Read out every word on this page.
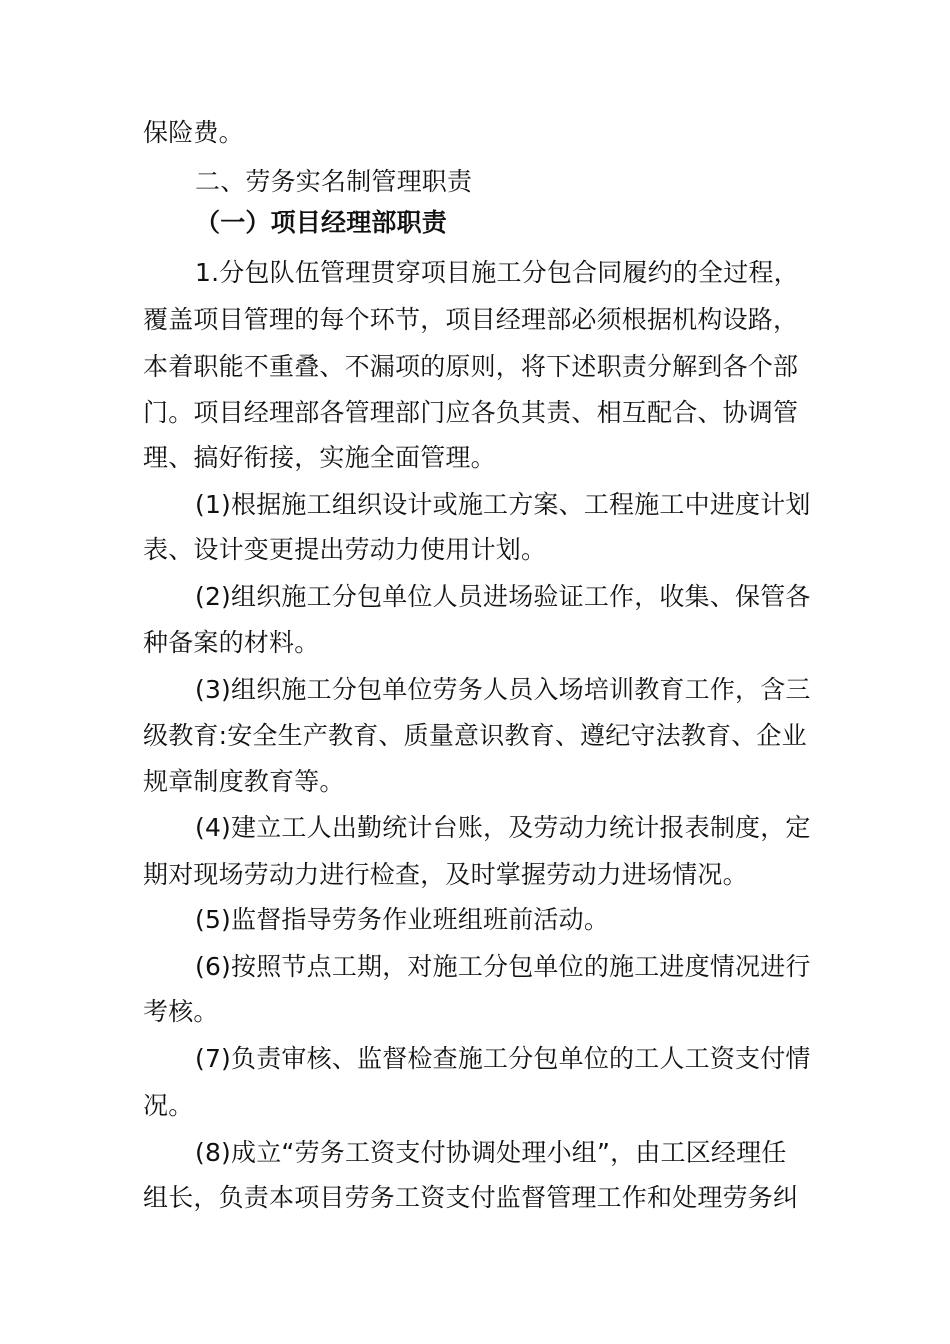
保险费。
二、劳务实名制管理职责
（一）项目经理部职责
1.分包队伍管理贯穿项目施工分包合同履约的全过程，
覆盖项目管理的每个环节，项目经理部必须根据机构设路，
本着职能不重叠、不漏项的原则，将下述职责分解到各个部
门。项目经理部各管理部门应各负其责、相互配合、协调管
理、搞好衔接，实施全面管理。
(1)根据施工组织设计或施工方案、工程施工中进度计划
表、设计变更提出劳动力使用计划。
(2)组织施工分包单位人员进场验证工作，收集、保管各
种备案的材料。
(3)组织施工分包单位劳务人员入场培训教育工作，含三
级教育:安全生产教育、质量意识教育、遵纪守法教育、企业
规章制度教育等。
(4)建立工人出勤统计台账，及劳动力统计报表制度，定
期对现场劳动力进行检查，及时掌握劳动力进场情况。
(5)监督指导劳务作业班组班前活动。
(6)按照节点工期，对施工分包单位的施工进度情况进行
考核。
(7)负责审核、监督检查施工分包单位的工人工资支付情
况。
(8)成立“劳务工资支付协调处理小组”，由工区经理任
组长，负责本项目劳务工资支付监督管理工作和处理劳务纠
